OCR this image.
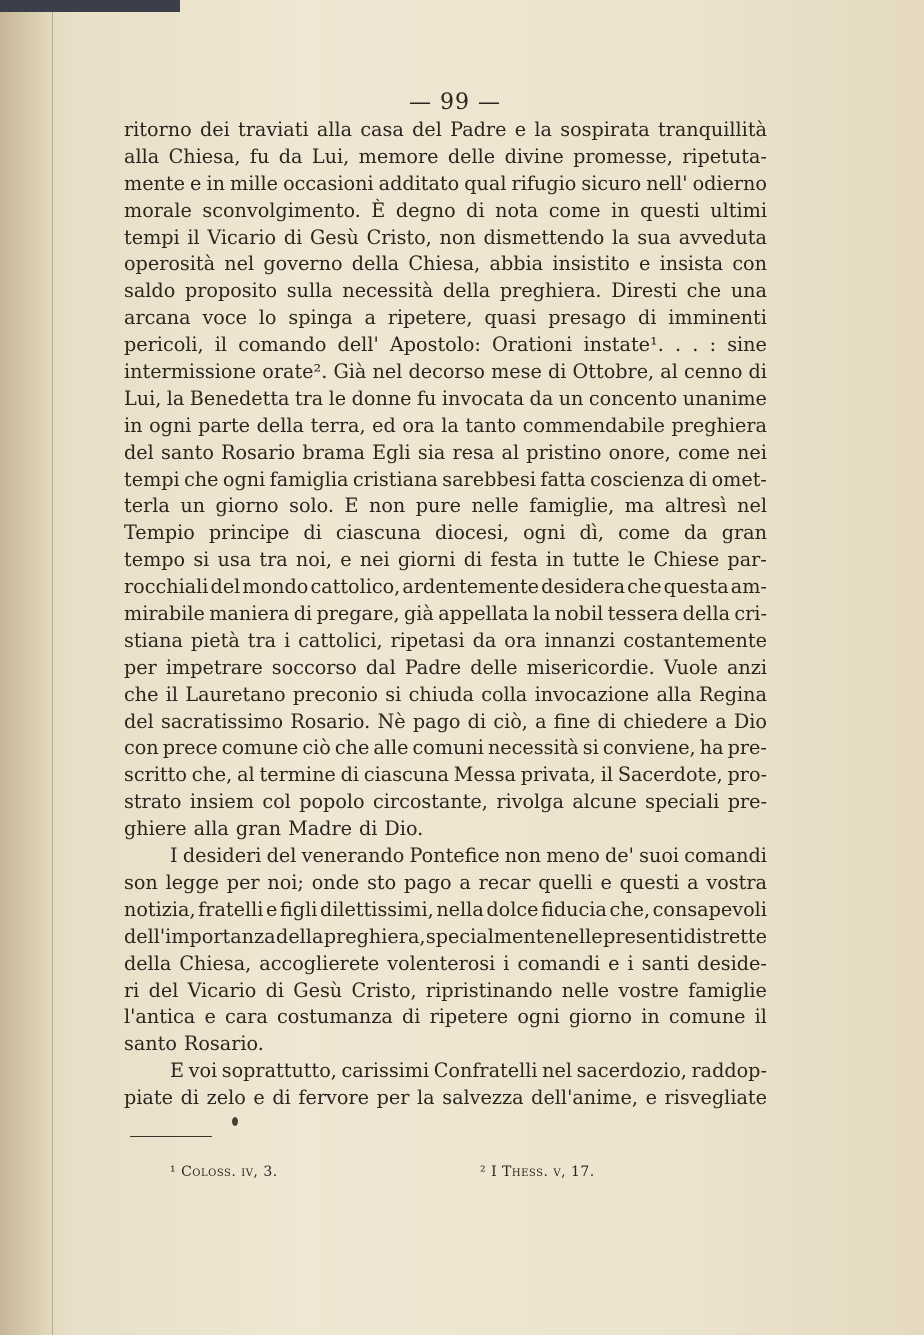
— 99 —
ritorno dei traviati alla casa del Padre e la sospirata tranquillità
alla Chiesa, fu da Lui, memore delle divine promesse, ripetuta-
mente e in mille occasioni additato qual rifugio sicuro nell' odierno
morale sconvolgimento. È degno di nota come in questi ultimi
tempi il Vicario di Gesù Cristo, non dismettendo la sua avveduta
operosità nel governo della Chiesa, abbia insistito e insista con
saldo proposito sulla necessità della preghiera. Diresti che una
arcana voce lo spinga a ripetere, quasi presago di imminenti
pericoli, il comando dell' Apostolo: Orationi instate¹. . . : sine
intermissione orate². Già nel decorso mese di Ottobre, al cenno di
Lui, la Benedetta tra le donne fu invocata da un concento unanime
in ogni parte della terra, ed ora la tanto commendabile preghiera
del santo Rosario brama Egli sia resa al pristino onore, come nei
tempi che ogni famiglia cristiana sarebbesi fatta coscienza di omet-
terla un giorno solo. E non pure nelle famiglie, ma altresì nel
Tempio principe di ciascuna diocesi, ogni dì, come da gran
tempo si usa tra noi, e nei giorni di festa in tutte le Chiese par-
rocchiali del mondo cattolico, ardentemente desidera che questa am-
mirabile maniera di pregare, già appellata la nobil tessera della cri-
stiana pietà tra i cattolici, ripetasi da ora innanzi costantemente
per impetrare soccorso dal Padre delle misericordie. Vuole anzi
che il Lauretano preconio si chiuda colla invocazione alla Regina
del sacratissimo Rosario. Nè pago di ciò, a fine di chiedere a Dio
con prece comune ciò che alle comuni necessità si conviene, ha pre-
scritto che, al termine di ciascuna Messa privata, il Sacerdote, pro-
strato insiem col popolo circostante, rivolga alcune speciali pre-
ghiere alla gran Madre di Dio.
I desideri del venerando Pontefice non meno de' suoi comandi
son legge per noi; onde sto pago a recar quelli e questi a vostra
notizia, fratelli e figli dilettissimi, nella dolce fiducia che, consapevoli
dell'importanza della preghiera, specialmente nelle presenti distrette
della Chiesa, accoglierete volenterosi i comandi e i santi deside-
ri del Vicario di Gesù Cristo, ripristinando nelle vostre famiglie
l'antica e cara costumanza di ripetere ogni giorno in comune il
santo Rosario.
E voi soprattutto, carissimi Confratelli nel sacerdozio, raddop-
piate di zelo e di fervore per la salvezza dell'anime, e risvegliate
¹ Coloss. iv, 3.	² I Thess. v, 17.
